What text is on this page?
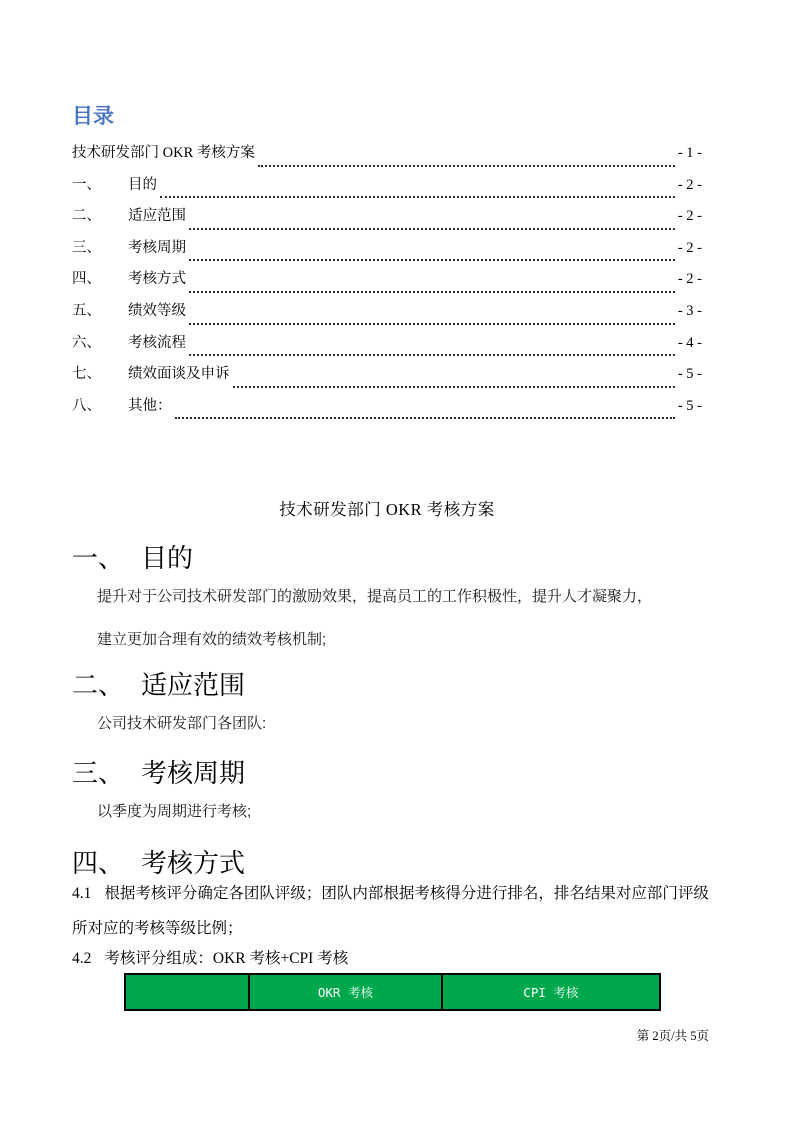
目录
技术研发部门 OKR 考核方案	- 1 -
一、	目的	- 2 -
二、	适应范围	- 2 -
三、	考核周期	- 2 -
四、	考核方式	- 2 -
五、	绩效等级	- 3 -
六、	考核流程	- 4 -
七、	绩效面谈及申诉	- 5 -
八、	其他：	- 5 -
技术研发部门 OKR 考核方案
一、 目的
提升对于公司技术研发部门的激励效果，提高员工的工作积极性，提升人才凝聚力，
建立更加合理有效的绩效考核机制;
二、 适应范围
公司技术研发部门各团队:
三、 考核周期
以季度为周期进行考核;
四、 考核方式
4.1 根据考核评分确定各团队评级；团队内部根据考核得分进行排名，排名结果对应部门评级所对应的考核等级比例；
4.2 考核评分组成：OKR 考核+CPI 考核
	OKR 考核	CPI 考核
第 2页/共 5页
